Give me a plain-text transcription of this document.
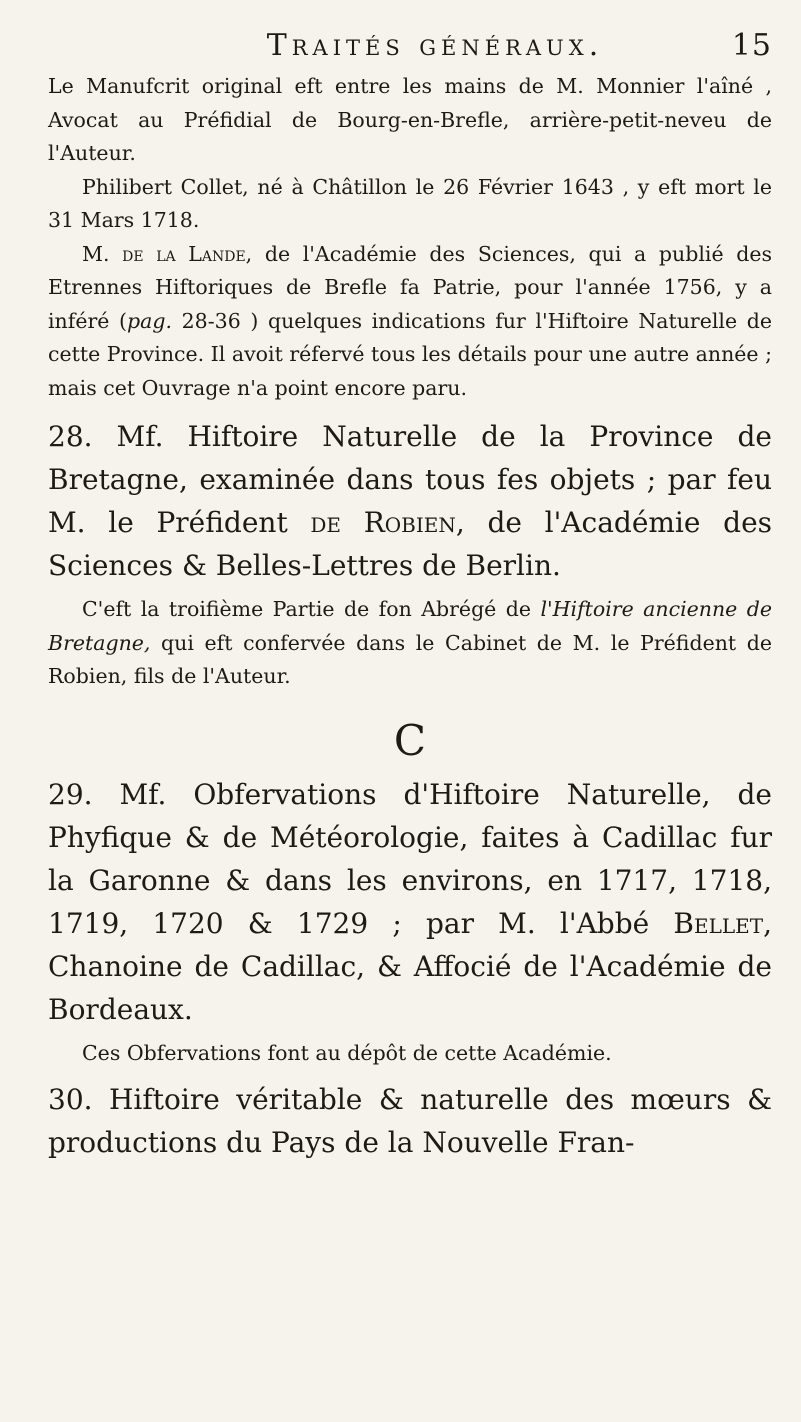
Traités généraux.	15

Le Manufcrit original eft entre les mains de M. Monnier l'aîné , Avocat au Préfidial de Bourg-en-Brefle, arrière-petit-neveu de l'Auteur.

Philibert Collet, né à Châtillon le 26 Février 1643 , y eft mort le 31 Mars 1718.

M. de la Lande, de l'Académie des Sciences, qui a publié des Etrennes Hiftoriques de Brefle fa Patrie, pour l'année 1756, y a inféré (pag. 28-36 ) quelques indications fur l'Hiftoire Naturelle de cette Province. Il avoit réfervé tous les détails pour une autre année ; mais cet Ouvrage n'a point encore paru.

28. Mf. Hiftoire Naturelle de la Province de Bretagne, examinée dans tous fes objets ; par feu M. le Préfident de Robien, de l'Académie des Sciences & Belles-Lettres de Berlin.

C'eft la troifième Partie de fon Abrégé de l'Hiftoire ancienne de Bretagne, qui eft confervée dans le Cabinet de M. le Préfident de Robien, fils de l'Auteur.

C

29. Mf. Obfervations d'Hiftoire Naturelle, de Phyfique & de Météorologie, faites à Cadillac fur la Garonne & dans les environs, en 1717, 1718, 1719, 1720 & 1729 ; par M. l'Abbé Bellet, Chanoine de Cadillac, & Affocié de l'Académie de Bordeaux.

Ces Obfervations font au dépôt de cette Académie.

30. Hiftoire véritable & naturelle des mœurs & productions du Pays de la Nouvelle Fran-
